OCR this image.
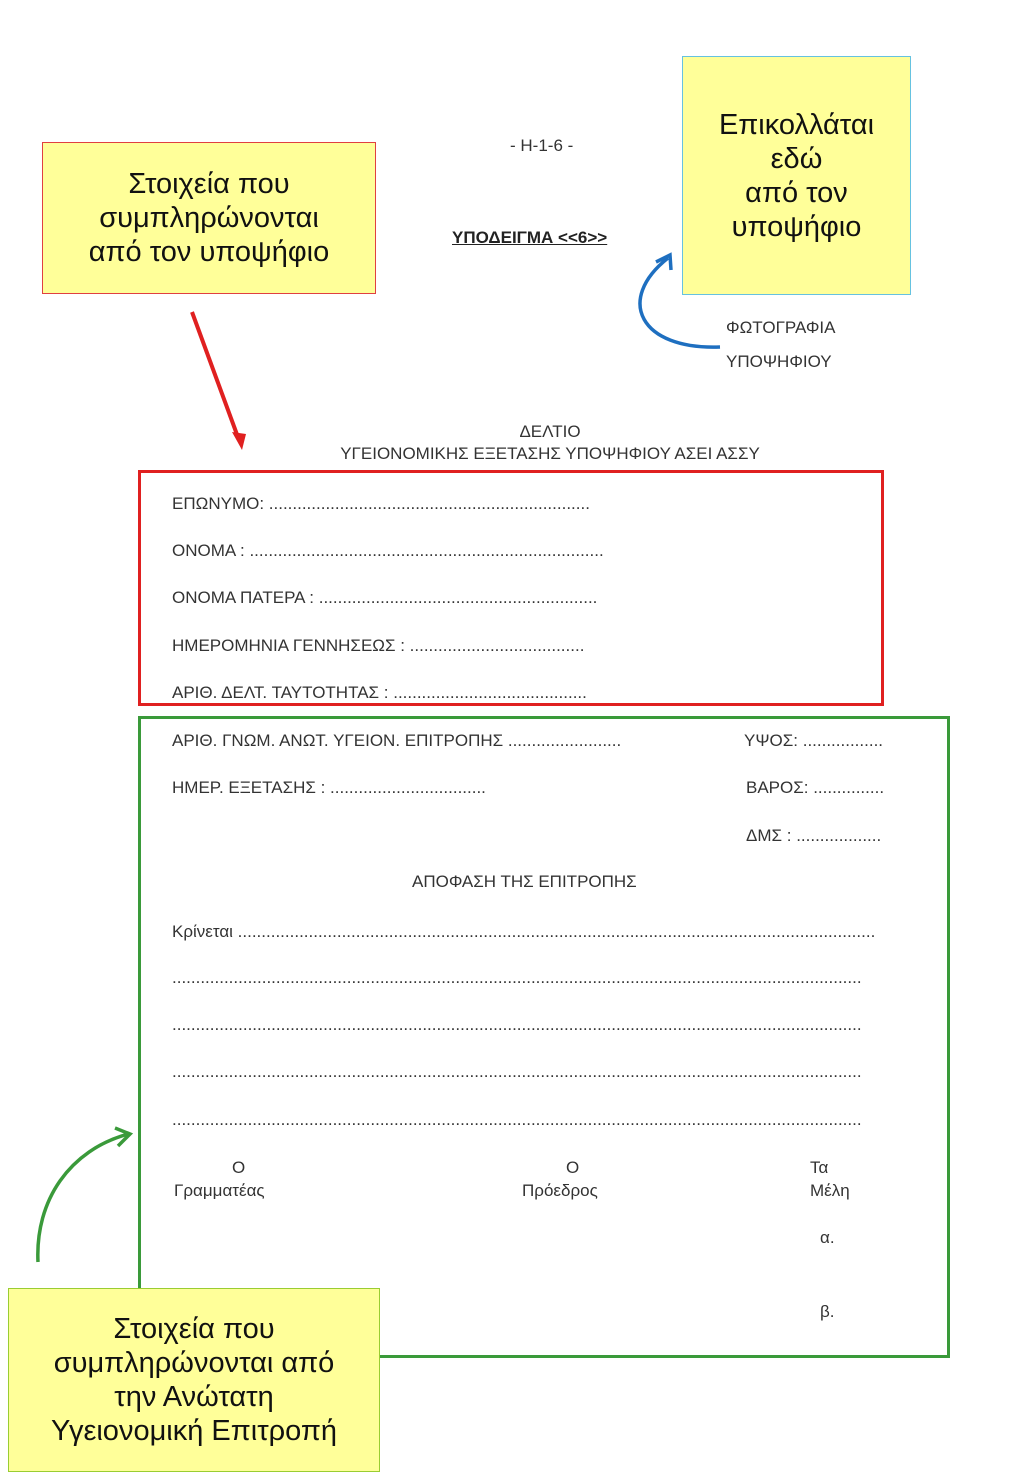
- Η-1-6 -
ΥΠΟΔΕΙΓΜΑ <<6>>
Επικολλάται
εδώ
από τον
υποψήφιο
Στοιχεία που
συμπληρώνονται
από τον υποψήφιο
ΦΩΤΟΓΡΑΦΙΑ
ΥΠΟΨΗΦΙΟΥ
ΔΕΛΤΙΟ
ΥΓΕΙΟΝΟΜΙΚΗΣ ΕΞΕΤΑΣΗΣ ΥΠΟΨΗΦΙΟΥ ΑΣΕΙ ΑΣΣΥ
ΕΠΩΝΥΜΟ: ....................................................................
ΟΝΟΜΑ : ...........................................................................
ΟΝΟΜΑ ΠΑΤΕΡΑ : ...........................................................
ΗΜΕΡΟΜΗΝΙΑ ΓΕΝΝΗΣΕΩΣ : .....................................
ΑΡΙΘ. ΔΕΛΤ. ΤΑΥΤΟΤΗΤΑΣ : .........................................
ΑΡΙΘ. ΓΝΩΜ. ΑΝΩΤ. ΥΓΕΙΟΝ. ΕΠΙΤΡΟΠΗΣ ........................	ΥΨΟΣ: .................
ΗΜΕΡ. ΕΞΕΤΑΣΗΣ : .................................	ΒΑΡΟΣ: ...............
ΔΜΣ : ..................
ΑΠΟΦΑΣΗ ΤΗΣ ΕΠΙΤΡΟΠΗΣ
Κρίνεται .......................................................................................................................................
..................................................................................................................................................
..................................................................................................................................................
..................................................................................................................................................
..................................................................................................................................................
Ο
Γραμματέας
Ο
Πρόεδρος
Τα
Μέλη
α.
β.
Στοιχεία που
συμπληρώνονται από
την Ανώτατη
Υγειονομική Επιτροπή
